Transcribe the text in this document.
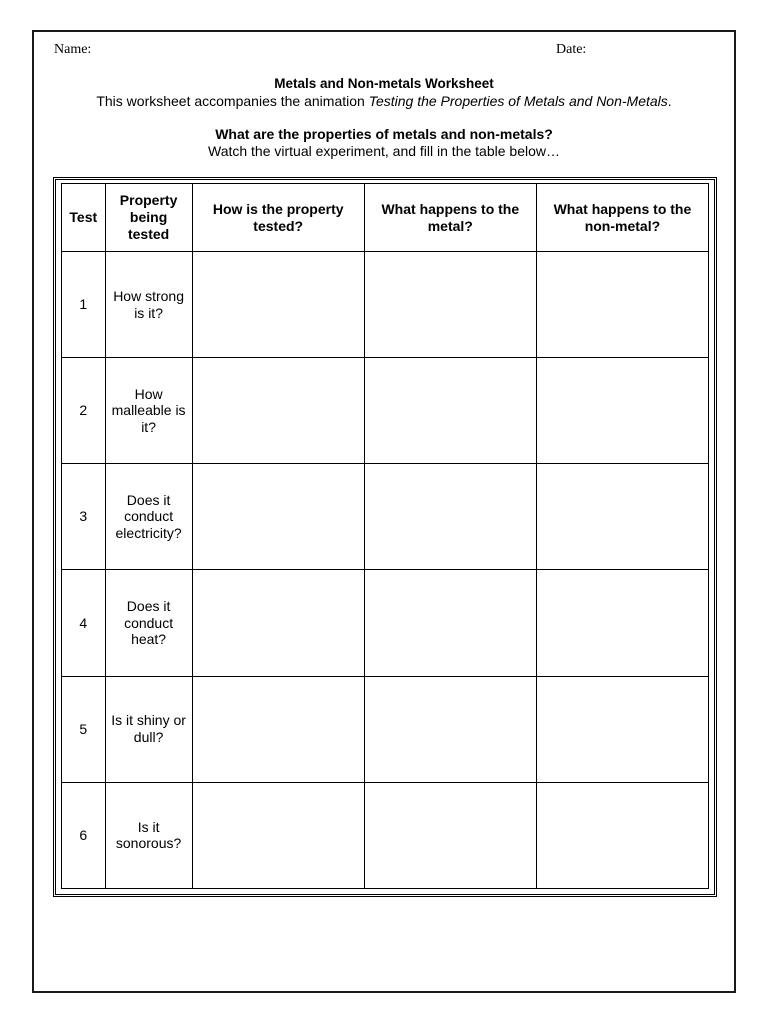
Name:	Date:
Metals and Non-metals Worksheet
This worksheet accompanies the animation Testing the Properties of Metals and Non-Metals.
What are the properties of metals and non-metals?
Watch the virtual experiment, and fill in the table below…
Test	Property being tested	How is the property tested?	What happens to the metal?	What happens to the non-metal?
1	How strong is it?			
2	How malleable is it?			
3	Does it conduct electricity?			
4	Does it conduct heat?			
5	Is it shiny or dull?			
6	Is it sonorous?			
